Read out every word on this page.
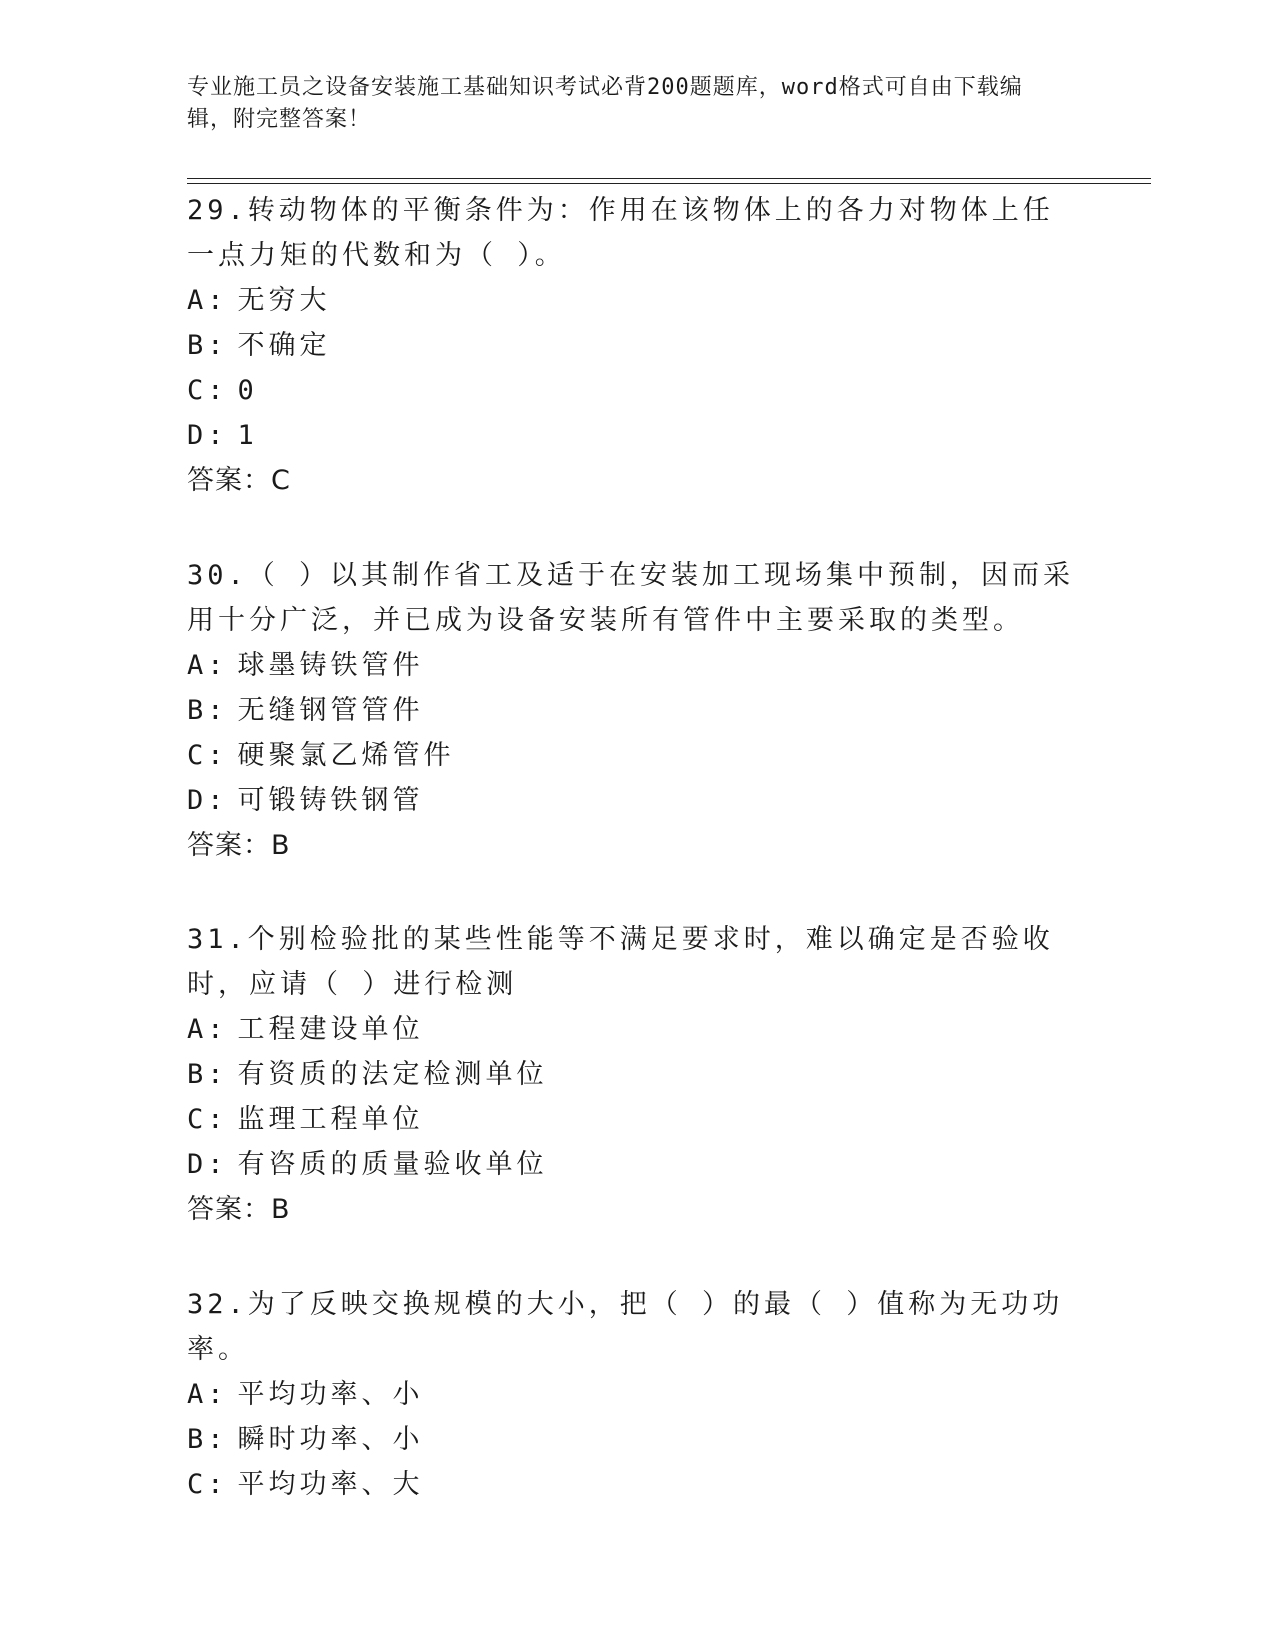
专业施工员之设备安装施工基础知识考试必背200题题库，word格式可自由下载编辑，附完整答案！

29.转动物体的平衡条件为：作用在该物体上的各力对物体上任一点力矩的代数和为（ ）。

A: 无穷大

B: 不确定

C: 0

D: 1

答案：C

30.（ ）以其制作省工及适于在安装加工现场集中预制，因而采用十分广泛，并已成为设备安装所有管件中主要采取的类型。

A: 球墨铸铁管件

B: 无缝钢管管件

C: 硬聚氯乙烯管件

D: 可锻铸铁钢管

答案：B

31.个别检验批的某些性能等不满足要求时，难以确定是否验收时，应请（ ）进行检测

A: 工程建设单位

B: 有资质的法定检测单位

C: 监理工程单位

D: 有咨质的质量验收单位

答案：B

32.为了反映交换规模的大小，把（ ）的最（ ）值称为无功功率。

A: 平均功率、小

B: 瞬时功率、小

C: 平均功率、大
